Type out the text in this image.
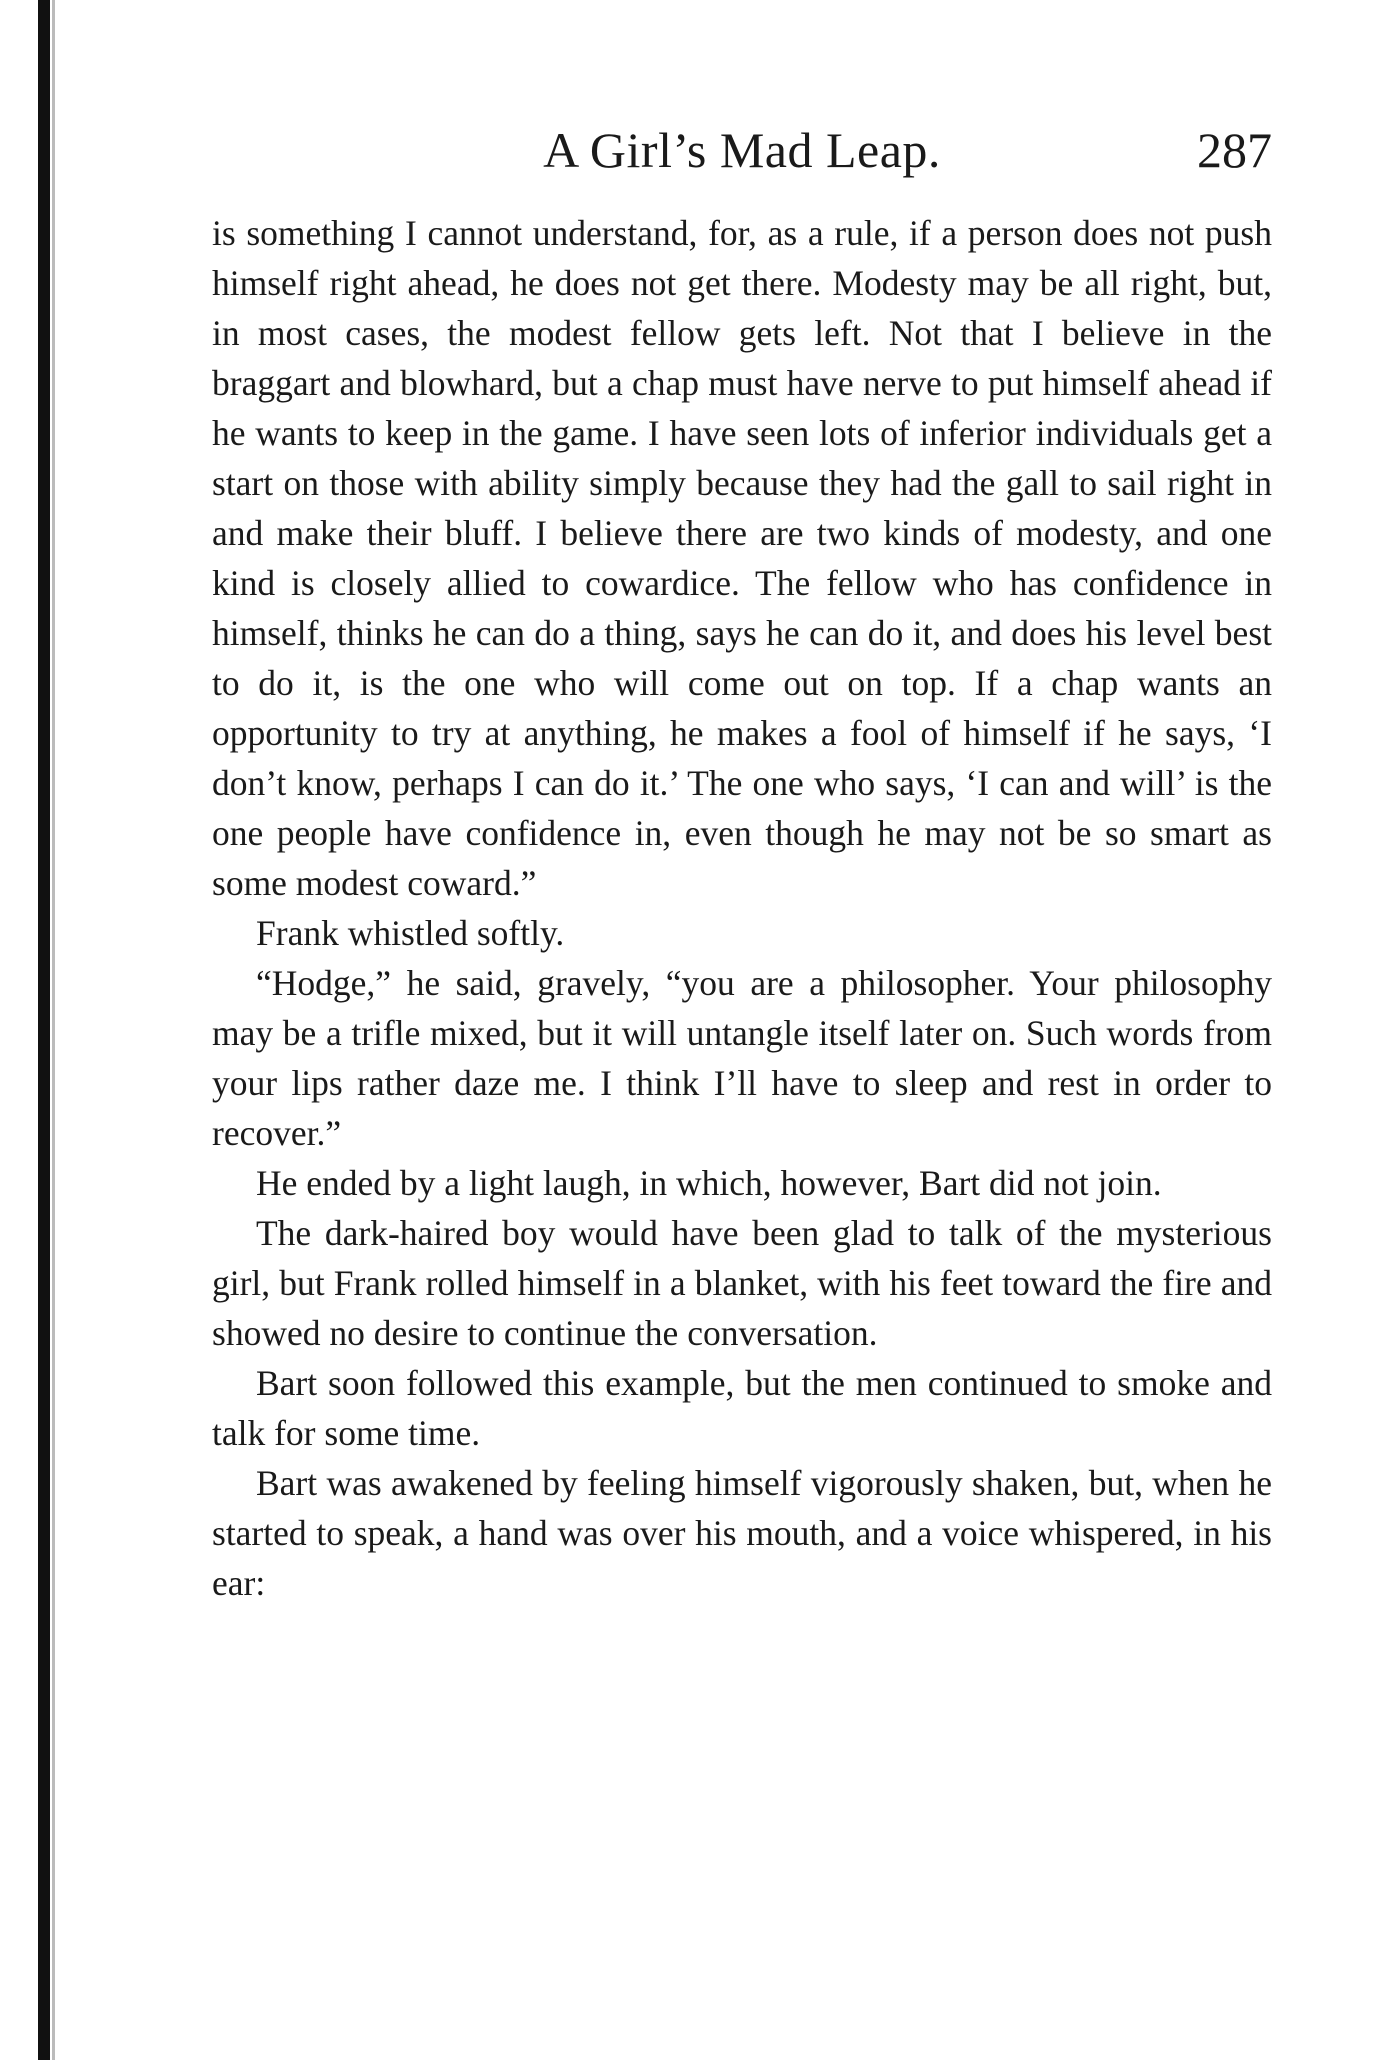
A Girl’s Mad Leap.	287

is something I cannot understand, for, as a rule, if a person does not push himself right ahead, he does not get there. Modesty may be all right, but, in most cases, the modest fellow gets left. Not that I believe in the braggart and blowhard, but a chap must have nerve to put himself ahead if he wants to keep in the game. I have seen lots of inferior individuals get a start on those with ability simply because they had the gall to sail right in and make their bluff. I believe there are two kinds of modesty, and one kind is closely allied to cowardice. The fellow who has confidence in himself, thinks he can do a thing, says he can do it, and does his level best to do it, is the one who will come out on top. If a chap wants an opportunity to try at anything, he makes a fool of himself if he says, ‘I don’t know, perhaps I can do it.’ The one who says, ‘I can and will’ is the one people have confidence in, even though he may not be so smart as some modest coward.”

Frank whistled softly.

“Hodge,” he said, gravely, “you are a philosopher. Your philosophy may be a trifle mixed, but it will untangle itself later on. Such words from your lips rather daze me. I think I’ll have to sleep and rest in order to recover.”

He ended by a light laugh, in which, however, Bart did not join.

The dark-haired boy would have been glad to talk of the mysterious girl, but Frank rolled himself in a blanket, with his feet toward the fire and showed no desire to continue the conversation.

Bart soon followed this example, but the men continued to smoke and talk for some time.

Bart was awakened by feeling himself vigorously shaken, but, when he started to speak, a hand was over his mouth, and a voice whispered, in his ear:
